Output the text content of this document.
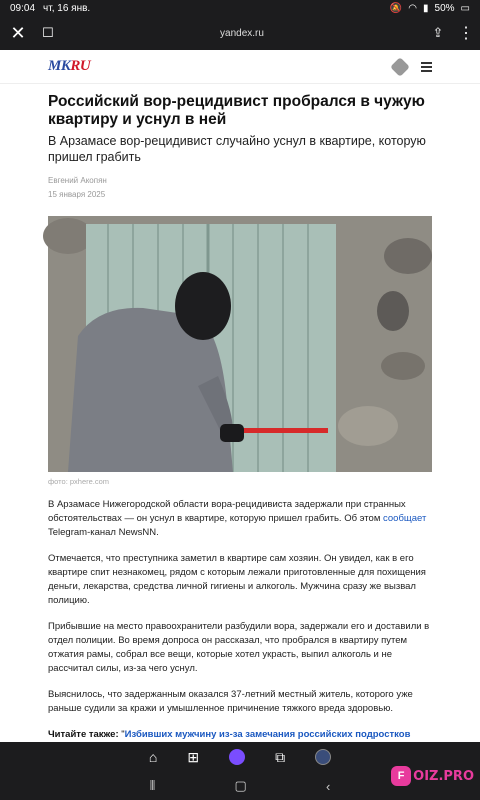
09:04 чт, 16 янв.	🔕 ◠ ▮ 50% ▭
✕	☐	yandex.ru	⇪ ⋮
MKRU
Российский вор-рецидивист пробрался в чужую квартиру и уснул в ней
В Арзамасе вор-рецидивист случайно уснул в квартире, которую пришел грабить
Евгений Акопян
15 января 2025
фото: pxhere.com

В Арзамасе Нижегородской области вора-рецидивиста задержали при странных обстоятельствах — он уснул в квартире, которую пришел грабить. Об этом сообщает Telegram-канал NewsNN.

Отмечается, что преступника заметил в квартире сам хозяин. Он увидел, как в его квартире спит незнакомец, рядом с которым лежали приготовленные для похищения деньги, лекарства, средства личной гигиены и алкоголь. Мужчина сразу же вызвал полицию.

Прибывшие на место правоохранители разбудили вора, задержали его и доставили в отдел полиции. Во время допроса он рассказал, что пробрался в квартиру путем отжатия рамы, собрал все вещи, которые хотел украсть, выпил алкоголь и не рассчитал силы, из-за чего уснул.

Выяснилось, что задержанным оказался 37-летний местный житель, которого уже раньше судили за кражи и умышленное причинение тяжкого вреда здоровью.

Читайте также: "Избивших мужчину из-за замечания российских подростков
⌂ ⊞	⧉
⦀	▢	‹
F OIZ.PRO
